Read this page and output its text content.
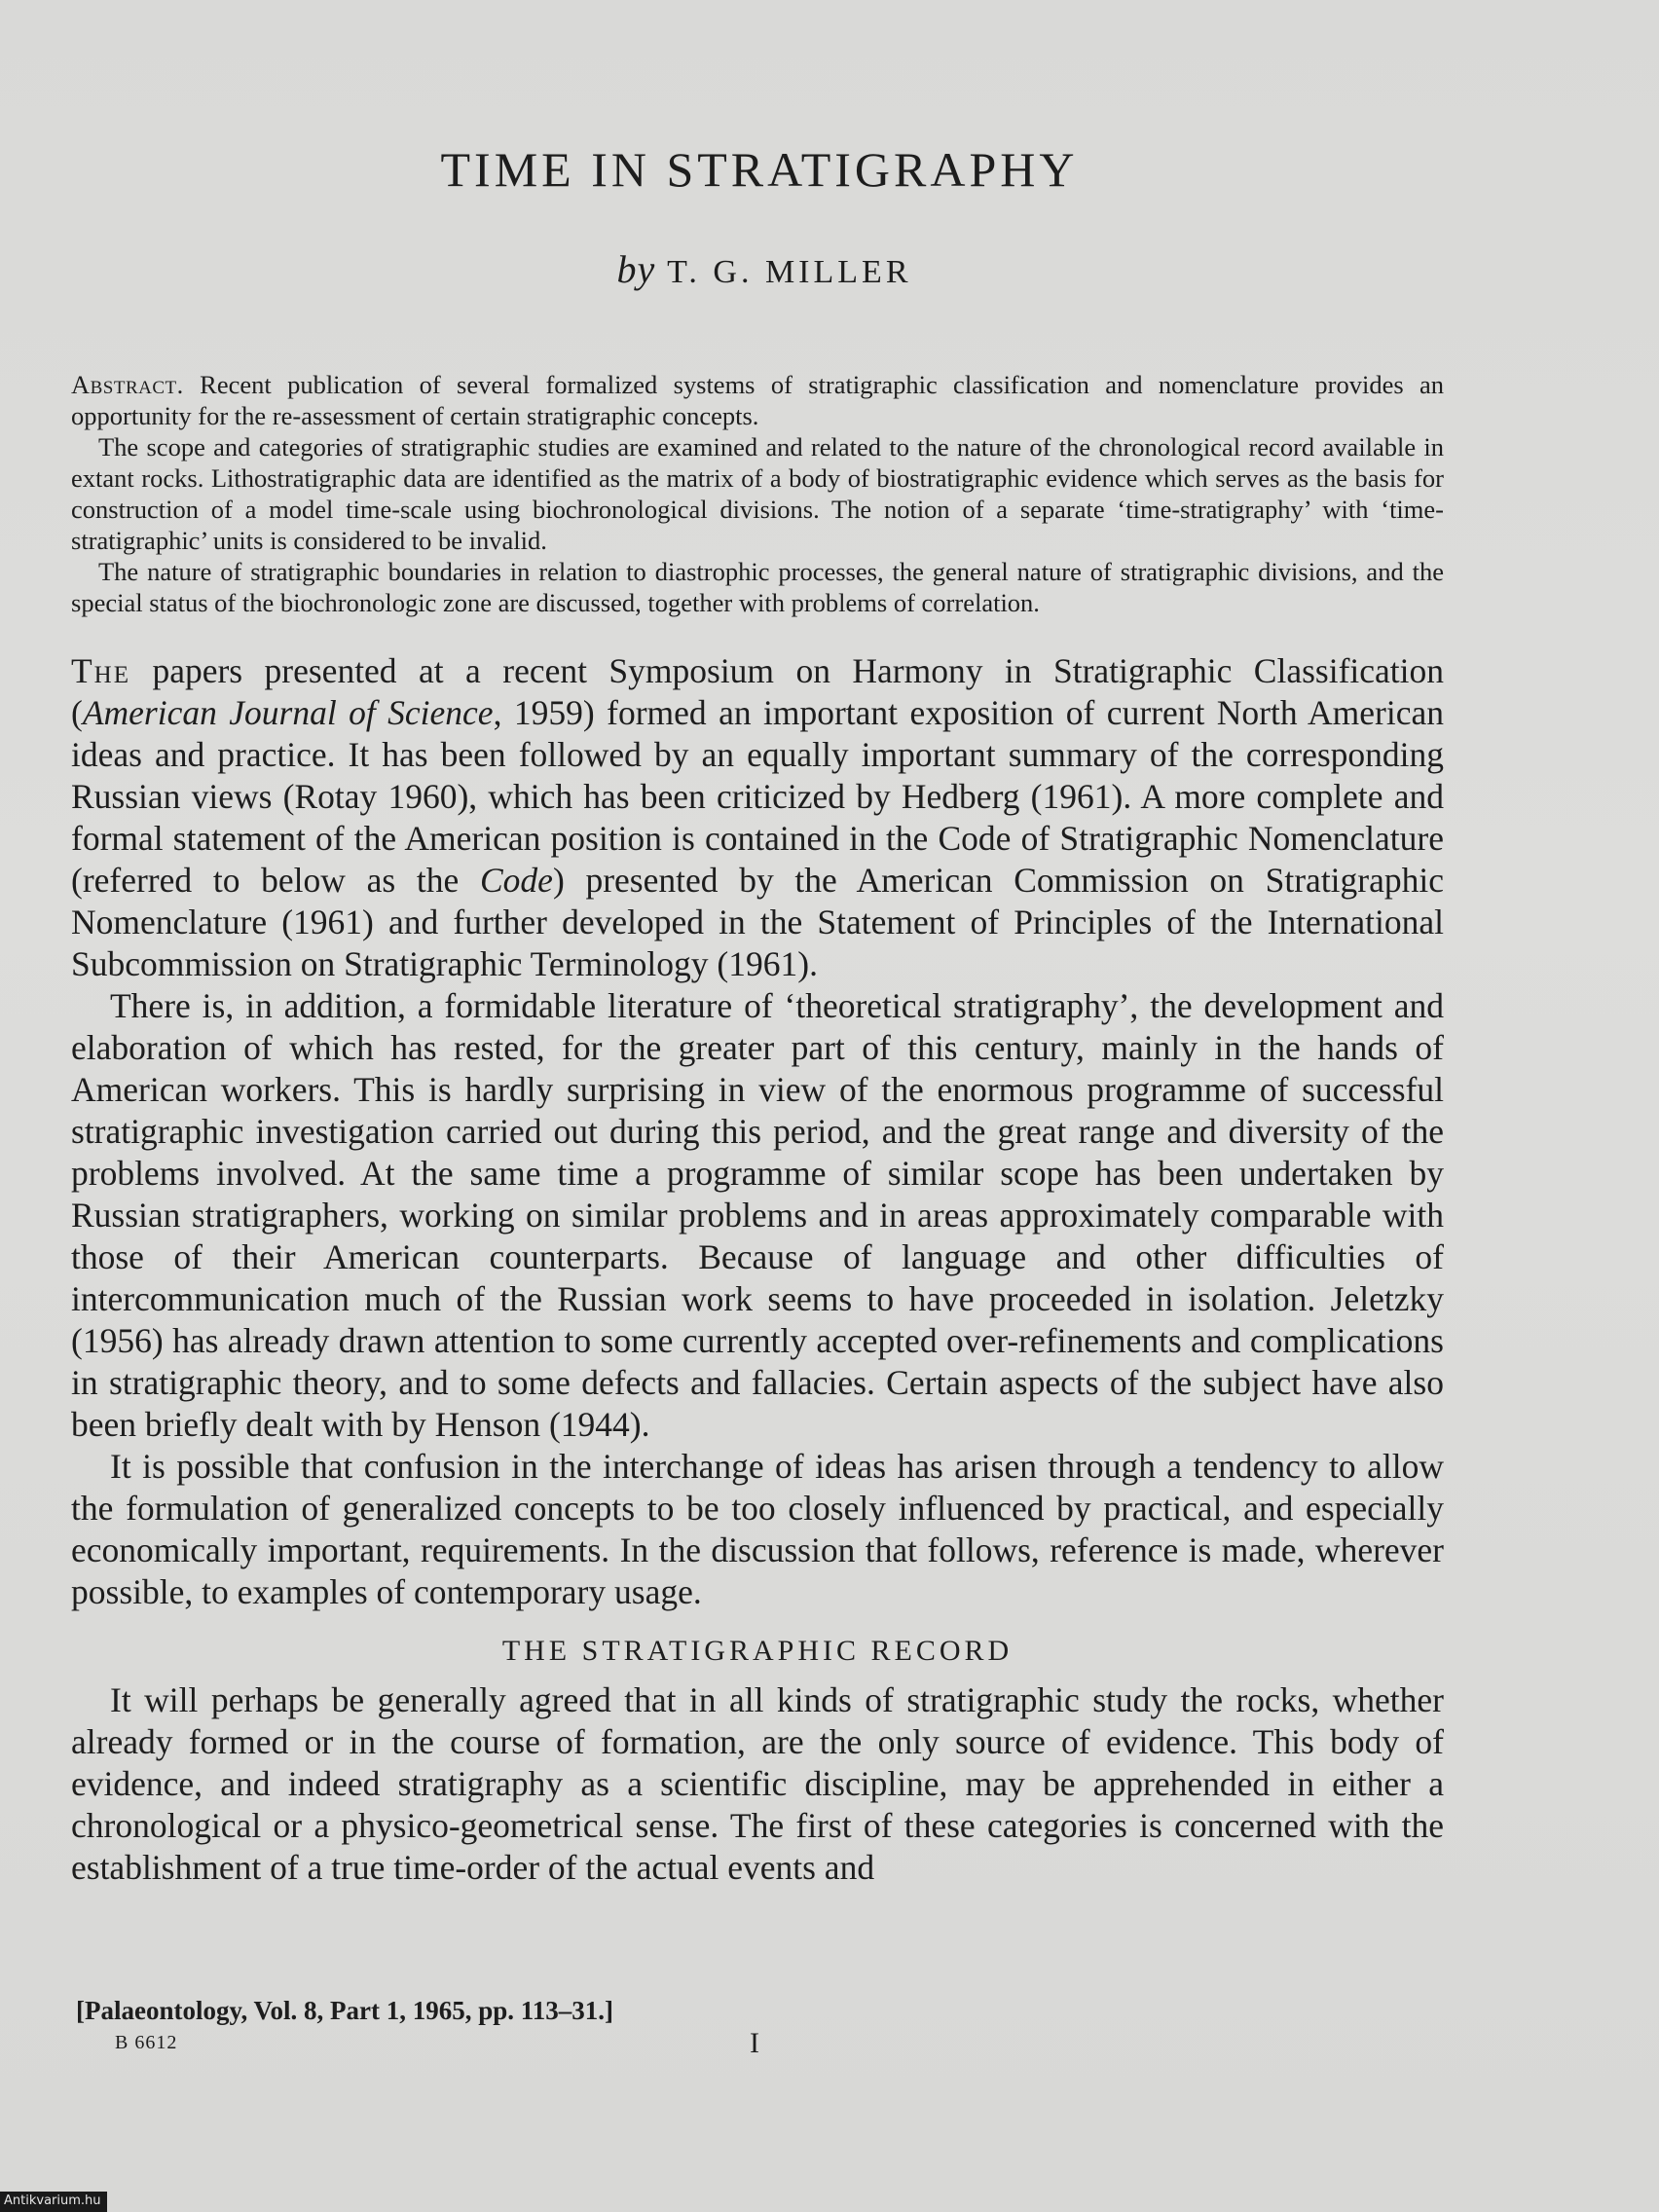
TIME IN STRATIGRAPHY

by T. G. MILLER

Abstract. Recent publication of several formalized systems of stratigraphic classification and nomenclature provides an opportunity for the re-assessment of certain stratigraphic concepts.

The scope and categories of stratigraphic studies are examined and related to the nature of the chronological record available in extant rocks. Lithostratigraphic data are identified as the matrix of a body of biostratigraphic evidence which serves as the basis for construction of a model time-scale using biochronological divisions. The notion of a separate ‘time-stratigraphy’ with ‘time-stratigraphic’ units is considered to be invalid.

The nature of stratigraphic boundaries in relation to diastrophic processes, the general nature of stratigraphic divisions, and the special status of the biochronologic zone are discussed, together with problems of correlation.

The papers presented at a recent Symposium on Harmony in Stratigraphic Classification (American Journal of Science, 1959) formed an important exposition of current North American ideas and practice. It has been followed by an equally important summary of the corresponding Russian views (Rotay 1960), which has been criticized by Hedberg (1961). A more complete and formal statement of the American position is contained in the Code of Stratigraphic Nomenclature (referred to below as the Code) presented by the American Commission on Stratigraphic Nomenclature (1961) and further developed in the Statement of Principles of the International Subcommission on Stratigraphic Terminology (1961).

There is, in addition, a formidable literature of ‘theoretical stratigraphy’, the development and elaboration of which has rested, for the greater part of this century, mainly in the hands of American workers. This is hardly surprising in view of the enormous programme of successful stratigraphic investigation carried out during this period, and the great range and diversity of the problems involved. At the same time a programme of similar scope has been undertaken by Russian stratigraphers, working on similar problems and in areas approximately comparable with those of their American counterparts. Because of language and other difficulties of intercommunication much of the Russian work seems to have proceeded in isolation. Jeletzky (1956) has already drawn attention to some currently accepted over-refinements and complications in stratigraphic theory, and to some defects and fallacies. Certain aspects of the subject have also been briefly dealt with by Henson (1944).

It is possible that confusion in the interchange of ideas has arisen through a tendency to allow the formulation of generalized concepts to be too closely influenced by practical, and especially economically important, requirements. In the discussion that follows, reference is made, wherever possible, to examples of contemporary usage.

THE STRATIGRAPHIC RECORD

It will perhaps be generally agreed that in all kinds of stratigraphic study the rocks, whether already formed or in the course of formation, are the only source of evidence. This body of evidence, and indeed stratigraphy as a scientific discipline, may be apprehended in either a chronological or a physico-geometrical sense. The first of these categories is concerned with the establishment of a true time-order of the actual events and

[Palaeontology, Vol. 8, Part 1, 1965, pp. 113–31.]

B 6612	I

Antikvarium.hu
